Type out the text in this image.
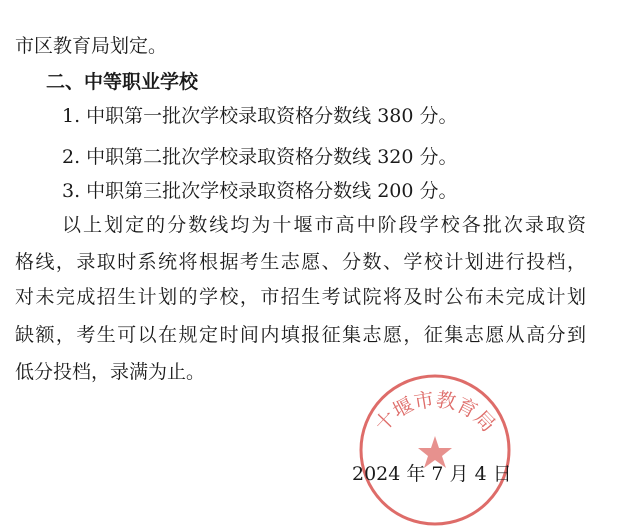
市区教育局划定。
二、中等职业学校
1. 中职第一批次学校录取资格分数线 380 分。
2. 中职第二批次学校录取资格分数线 320 分。
3. 中职第三批次学校录取资格分数线 200 分。
以上划定的分数线均为十堰市高中阶段学校各批次录取资
格线，录取时系统将根据考生志愿、分数、学校计划进行投档，
对未完成招生计划的学校，市招生考试院将及时公布未完成计划
缺额，考生可以在规定时间内填报征集志愿，征集志愿从高分到
低分投档，录满为止。
十堰市教育局
2024 年 7 月 4 日
